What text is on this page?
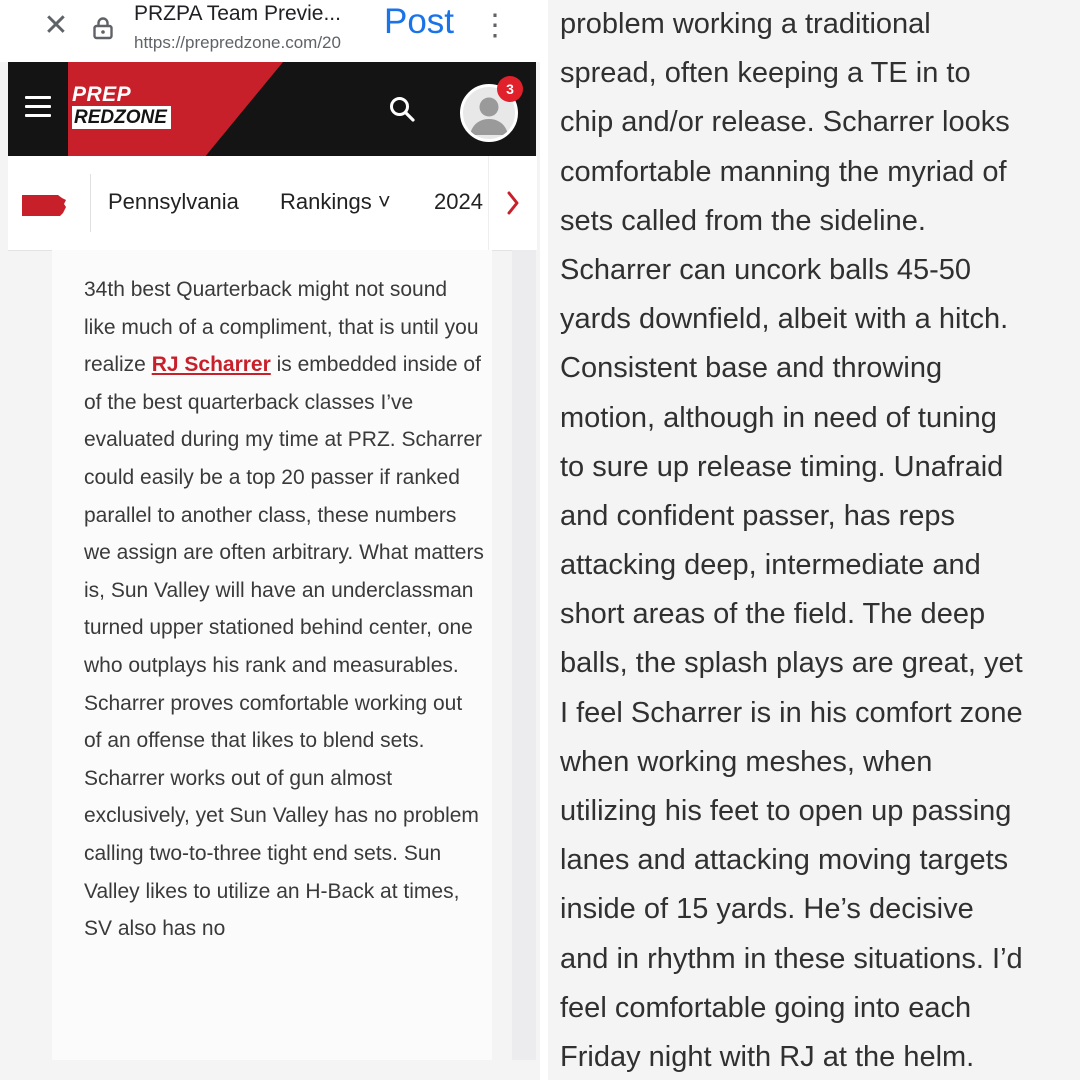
✕	PRZPA Team Previe...
https://prepredzone.com/20
Post ⋮
PREP
REDZONE
3
Pennsylvania Rankings ˅ 2024
34th best Quarterback might not sound like much of a compliment, that is until you realize RJ Scharrer is embedded inside of of the best quarterback classes I’ve evaluated during my time at PRZ. Scharrer could easily be a top 20 passer if ranked parallel to another class, these numbers we assign are often arbitrary. What matters is, Sun Valley will have an underclassman turned upper stationed behind center, one who outplays his rank and measurables. Scharrer proves comfortable working out of an offense that likes to blend sets. Scharrer works out of gun almost exclusively, yet Sun Valley has no problem calling two-to-three tight end sets. Sun Valley likes to utilize an H-Back at times, SV also has no
problem working a traditional
spread, often keeping a TE in to
chip and/or release. Scharrer looks
comfortable manning the myriad of
sets called from the sideline.
Scharrer can uncork balls 45-50
yards downfield, albeit with a hitch.
Consistent base and throwing
motion, although in need of tuning
to sure up release timing. Unafraid
and confident passer, has reps
attacking deep, intermediate and
short areas of the field. The deep
balls, the splash plays are great, yet
I feel Scharrer is in his comfort zone
when working meshes, when
utilizing his feet to open up passing
lanes and attacking moving targets
inside of 15 yards. He’s decisive
and in rhythm in these situations. I’d
feel comfortable going into each
Friday night with RJ at the helm.
